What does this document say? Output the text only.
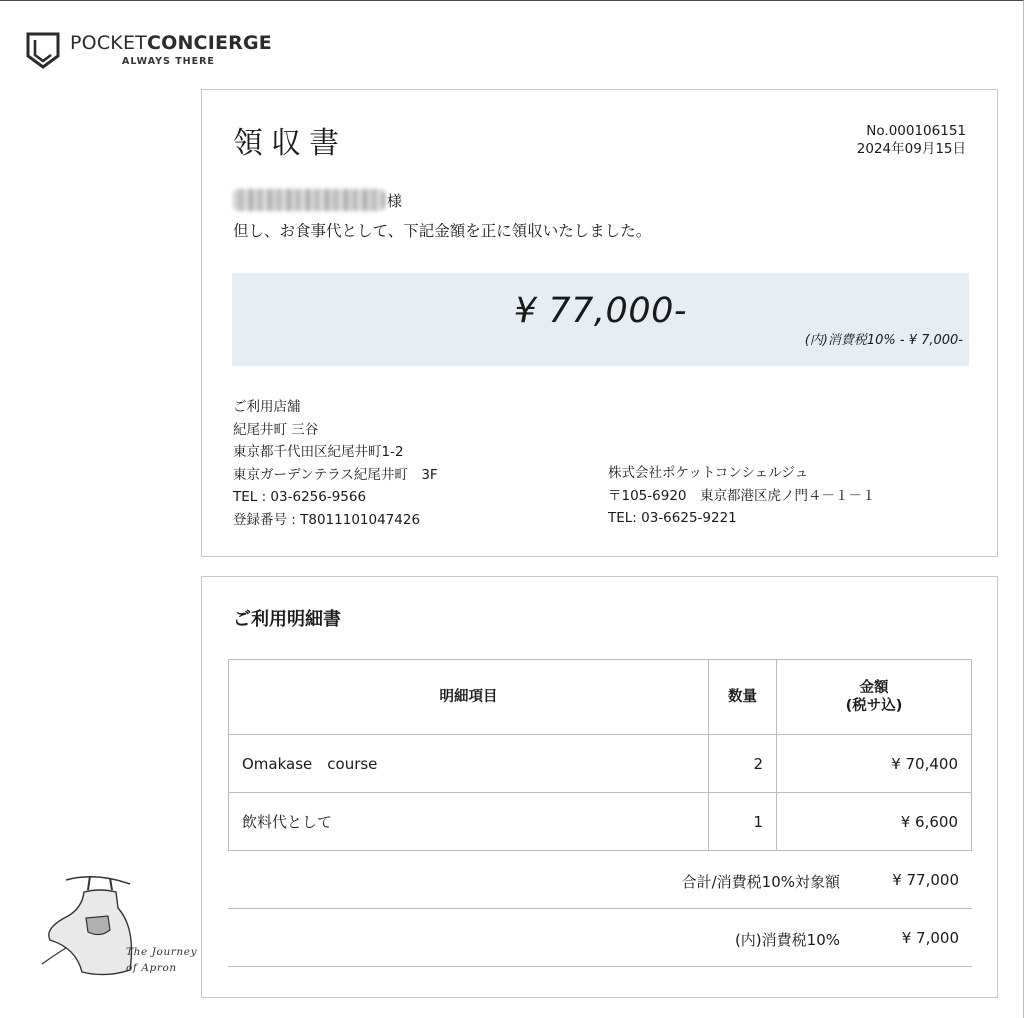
POCKETCONCIERGE
ALWAYS THERE
領収書	No.000106151
2024年09月15日
様
但し、お食事代として、下記金額を正に領収いたしました。
¥ 77,000-
(内)消費税10% - ¥ 7,000-
ご利用店舗
紀尾井町 三谷
東京都千代田区紀尾井町1-2
東京ガーデンテラス紀尾井町　3F
TEL : 03-6256-9566
登録番号 : T8011101047426
株式会社ポケットコンシェルジュ
〒105-6920　東京都港区虎ノ門４－１－１
TEL: 03-6625-9221
ご利用明細書
明細項目	数量	金額
(税サ込)

Omakase　course	2	¥ 70,400
飲料代として	1	¥ 6,600
合計/消費税10%対象額	¥ 77,000
(内)消費税10%	¥ 7,000
The Journey
of Apron
